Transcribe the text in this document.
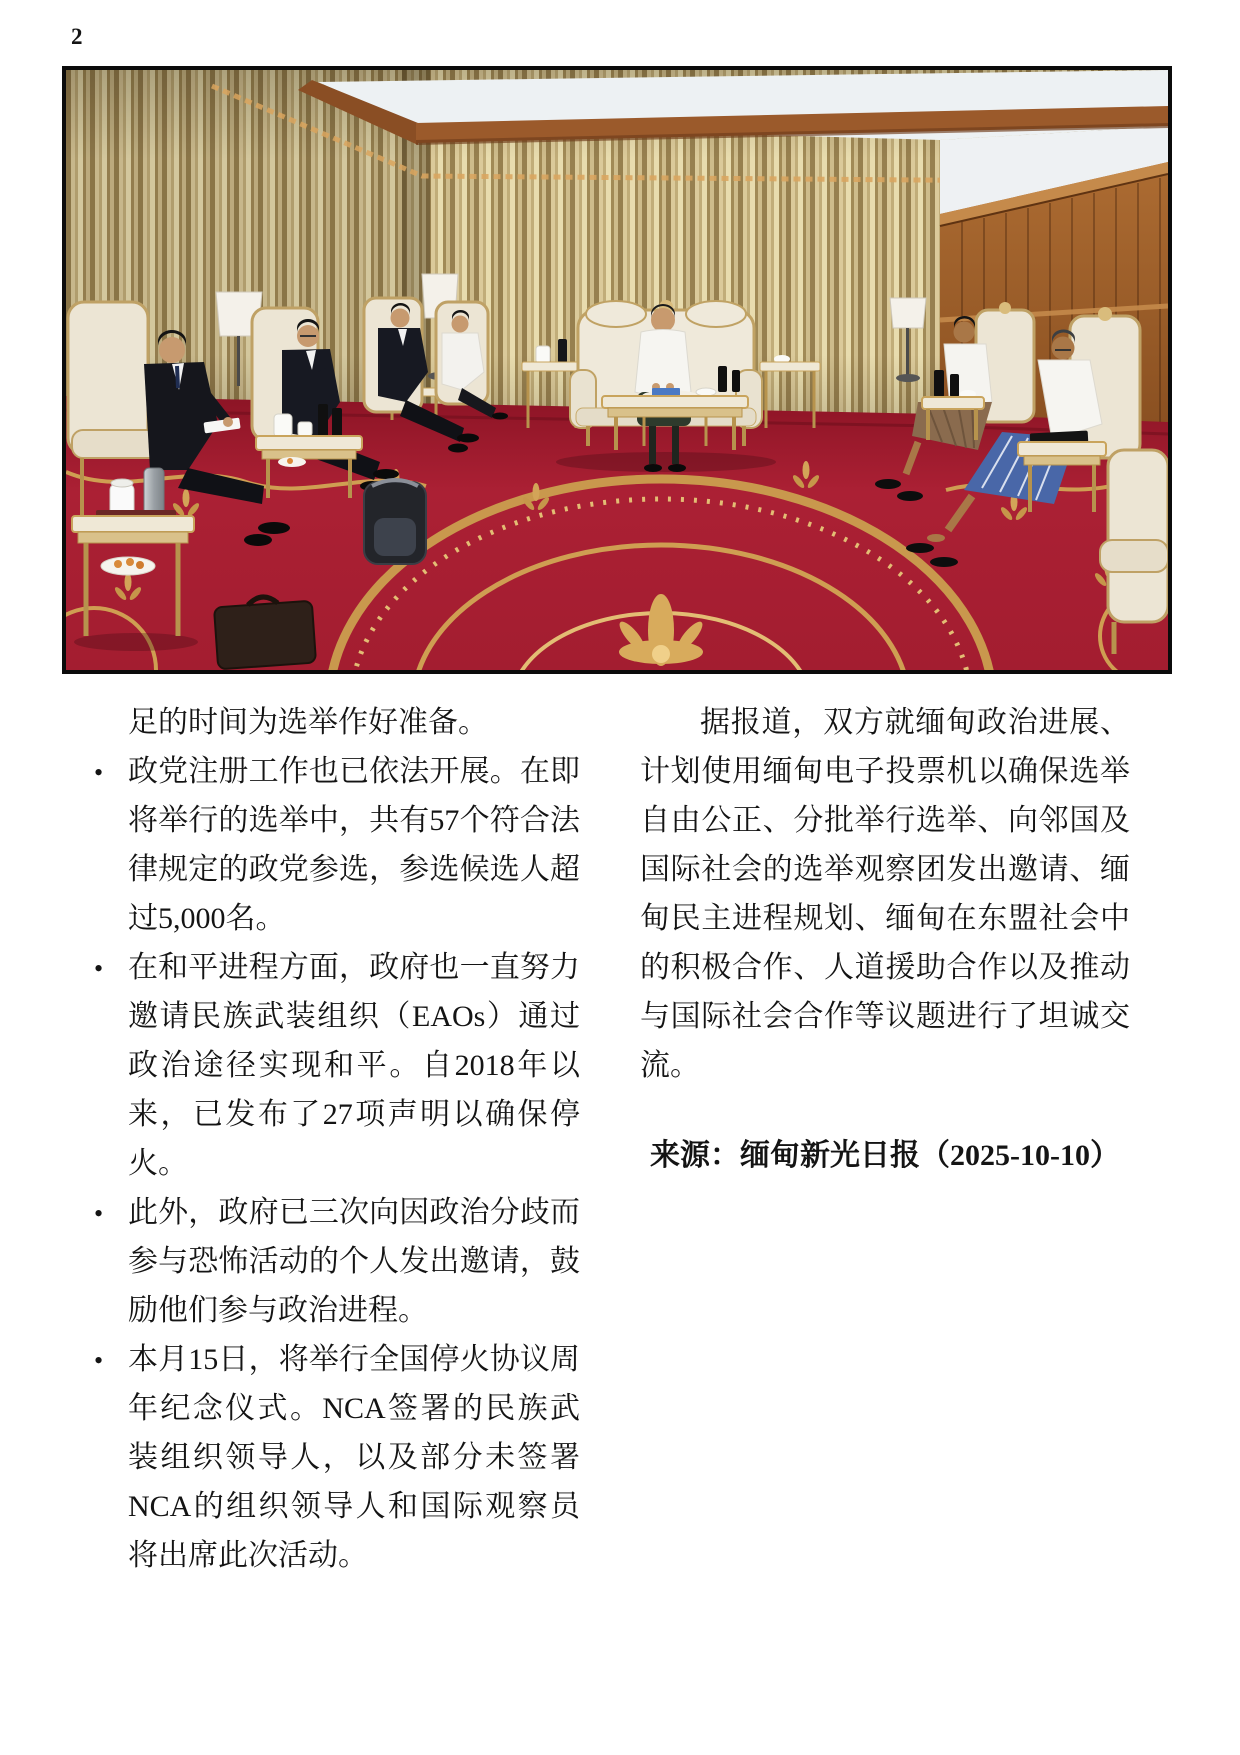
2

足的时间为选举作好准备。

• 政党注册工作也已依法开展。在即将举行的选举中，共有57个符合法律规定的政党参选，参选候选人超过5,000名。
• 在和平进程方面，政府也一直努力邀请民族武装组织（EAOs）通过政治途径实现和平。自2018年以来，已发布了27项声明以确保停火。
• 此外，政府已三次向因政治分歧而参与恐怖活动的个人发出邀请，鼓励他们参与政治进程。
• 本月15日，将举行全国停火协议周年纪念仪式。NCA签署的民族武装组织领导人，以及部分未签署NCA的组织领导人和国际观察员将出席此次活动。

据报道，双方就缅甸政治进展、计划使用缅甸电子投票机以确保选举自由公正、分批举行选举、向邻国及国际社会的选举观察团发出邀请、缅甸民主进程规划、缅甸在东盟社会中的积极合作、人道援助合作以及推动与国际社会合作等议题进行了坦诚交流。

来源：缅甸新光日报（2025-10-10）
